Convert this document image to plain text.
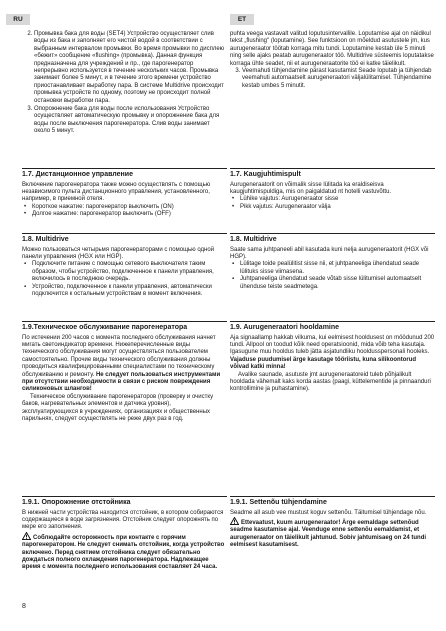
RU	ET
2. Промывка бака для воды (SET4) Устройство осуществляет слив воды из бака и заполняет его чистой водой в соответствии с выбранным интервалом промывки. Во время промывки по дисплею «бежит» сообщение «flushing» (промывка). Данная функция предназначена для учреждений и пр., где парогенератор непрерывно используется в течение нескольких часов. Промывка занимает более 5 минут, и в течение этого времени устройство приостанавливает выработку пара. В системе Multidrive происходит промывка устройств по одному, поэтому не происходит полной остановки выработки пара.
3. Опорожнение бака для воды после использования Устройство осуществляет автоматическую промывку и опорожнение бака для воды после выключения парогенератора. Слив воды занимает около 5 минут.
1.7. Дистанционное управление

Включение парогенератора также можно осуществлять с помощью независимого пульта дистанционного управления, установленного, например, в приемной отеля.

• Короткое нажатие: парогенератор выключить (ON)
• Долгое нажатие: парогенератор выключить (OFF)
1.8. Multidrive

Можно пользоваться четырьмя парогенераторами с помощью одной панели управления (HGX или HGP).

▪ Подключите питание с помощью сетевого выключателя таким образом, чтобы устройство, подключенное к панели управления, включилось в последнюю очередь.
▪ Устройство, подключенное к панели управления, автоматически подключится к остальным устройствам в момент включения.
1.9.Техническое обслуживание парогенератора

По истечении 200 часов с момента последнего обслуживания начнет мигать светоиндикатор времени. Нижеперечисленные виды технического обслуживания могут осуществляться пользователем самостоятельно. Прочие виды технического обслуживания должны проводиться квалифицированными специалистами по техническому обслуживанию и ремонту. Не следует пользоваться инструментами при отсутствии необходимости в связи с риском повреждения силиконовых шлангов!

Техническое обслуживание парогенераторов (проверку и очистку баков, нагревательных элементов и датчика уровня), эксплуатирующихся в учреждениях, организациях и общественных парильнях, следует осуществлять не реже двух раз в год.

1.9.1. Опорожнение отстойника

В нижней части устройства находится отстойник, в котором собираются содержащиеся в воде загрязнения. Отстойник следует опорожнять по мере его заполнения.

Соблюдайте осторожность при контакте с горячим парогенератором. Не следует снимать отстойник, когда устройство включено. Перед снятием отстойника следует обязательно дождаться полного охлаждения парогенератора. Надлежащее время с момента последнего использования составляет 24 часа.

puhta veega vastavalt valitud loputusintervallile. Loputamise ajal on näidikul tekst „flushing" (loputamine). See funktsioon on mõeldud asutustele jm, kus aurugeneraator töötab korraga mitu tundi. Loputamine kestab üle 5 minuti ning selle ajaks peatab aurugeneraator töö. Multidrive süsteemis loputatakse korraga ühte seadet, nii et aurugeneraatorite töö ei katke täielikult.

3. Veemahuti tühjendamine pärast kasutamist Seade loputab ja tühjendab veemahuti automaatselt aurugeneraatori väljalülitamisel. Tühjendamine kestab umbes 5 minutit.
1.7. Kaugjuhtimispult

Aurugeneraatorit on võimalik sisse lülitada ka eraldiseisva kaugjuhtimispuldiga, mis on paigaldatud nt hotelli vastuvõttu.

• Lühike vajutus: Aurugeneraator sisse
• Pikk vajutus: Aurugeneraator välja
1.8. Multidrive

Saate sama juhtpaneeli abil kasutada kuni nelja aurugeneraatorit (HGX või HGP).

▪ Lülitage toide pealülitist sisse nii, et juhtpaneeliga ühendatud seade lülituks sisse viimasena.
▪ Juhtpaneeliga ühendatud seade võtab sisse lülitumisel automaatselt ühenduse teiste seadmetega.
1.9. Aurugeneraatori hooldamine

Aja signaallamp hakkab vilkuma, kui eelmisest hooldusest on möödunud 200 tundi. Allpool on toodud kõik need operatsioonid, mida võib teha kasutaja. Igasugune muu hooldus tuleb jätta asjatundliku hooldusspersonali hooleks. Vajaduse puudumisel ärge kasutage tööriistu, kuna silikoontorud võivad katki minna!

Avalike saunade, asutuste jmt aurugeneraatoreid tuleb põhjalikult hooldada vähemalt kaks korda aastas (paagi, küttelementide ja pinnaanduri kontrollimine ja puhastamine).

1.9.1. Settenõu tühjendamine

Seadme all asub vee mustust koguv settenõu. Täitumisel tühjendage nõu.

Ettevaatust, kuum aurugeneraator! Ärge eemaldage settenõud seadme kasutamise ajal. Veenduge enne settenõu eemaldamist, et aurugeneraator on täielikult jahtunud. Sobiv jahtumisaeg on 24 tundi eelmisest kasutamisest.

8
